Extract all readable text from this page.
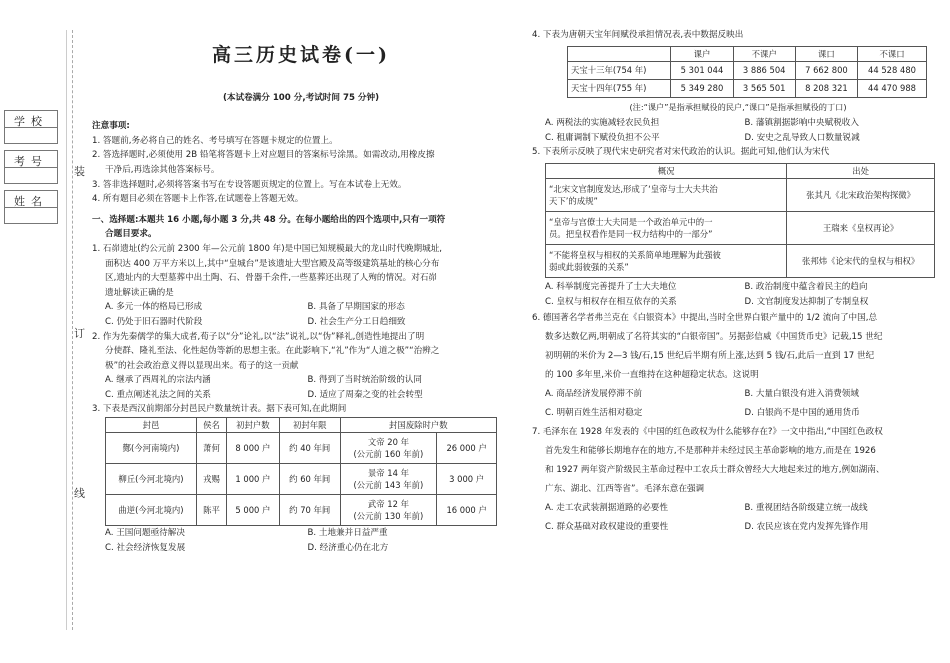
装
订
线
学校
考号
姓名
高三历史试卷(一)
(本试卷满分 100 分,考试时间 75 分钟)
注意事项:
1. 答题前,务必将自己的姓名、考号填写在答题卡规定的位置上。
2. 答选择题时,必须使用 2B 铅笔将答题卡上对应题目的答案标号涂黑。如需改动,用橡皮擦
干净后,再选涂其他答案标号。
3. 答非选择题时,必须将答案书写在专设答题页规定的位置上。写在本试卷上无效。
4. 所有题目必须在答题卡上作答,在试题卷上答题无效。
一、选择题:本题共 16 小题,每小题 3 分,共 48 分。在每小题给出的四个选项中,只有一项符
合题目要求。
1. 石峁遗址(约公元前 2300 年—公元前 1800 年)是中国已知规模最大的龙山时代晚期城址,
面积达 400 万平方米以上,其中“皇城台”是该遗址大型宫殿及高等级建筑基址的核心分布
区,遗址内的大型墓葬中出土陶、石、骨器千余件,一些墓葬还出现了人殉的情况。对石峁
遗址解读正确的是
A. 多元一体的格局已形成	B. 具备了早期国家的形态
C. 仍处于旧石器时代阶段	D. 社会生产分工日趋细致
2. 作为先秦儒学的集大成者,荀子以“分”论礼,以“法”说礼,以“伪”释礼,创造性地提出了明
分使群、隆礼至法、化性起伪等新的思想主张。在此影响下,“礼”作为“人道之极”“治辨之
极”的社会政治意义得以显现出来。荀子的这一贡献
A. 继承了西周礼的宗法内涵	B. 得到了当时统治阶级的认同
C. 重点阐述礼法之间的关系	D. 适应了周秦之变的社会转型
3. 下表是西汉前期部分封邑民户数量统计表。据下表可知,在此期间
封邑	侯名	初封户数	初封年限	封国废除时户数	
酂(今河南境内)	萧何	8 000 户	约 40 年间	文帝 20 年
(公元前 160 年前)	26 000 户
柳丘(今河北境内)	戎赐	1 000 户	约 60 年间	景帝 14 年
(公元前 143 年前)	3 000 户
曲逆(今河北境内)	陈平	5 000 户	约 70 年间	武帝 12 年
(公元前 130 年前)	16 000 户
A. 王国问题亟待解决	B. 土地兼并日益严重
C. 社会经济恢复发展	D. 经济重心仍在北方
4. 下表为唐朝天宝年间赋役承担情况表,表中数据反映出
	课户	不课户	课口	不课口
天宝十三年(754 年)	5 301 044	3 886 504	7 662 800	44 528 480
天宝十四年(755 年)	5 349 280	3 565 501	8 208 321	44 470 988
(注:“课户”是指承担赋役的民户,“课口”是指承担赋役的丁口)
A. 两税法的实施减轻农民负担	B. 藩镇割据影响中央赋税收入
C. 租庸调制下赋役负担不公平	D. 安史之乱导致人口数量锐减
5. 下表所示反映了现代宋史研究者对宋代政治的认识。据此可知,他们认为宋代
概况	出处

“北宋文官制度发达,形成了‘皇帝与士大夫共治
天下’的成规”	张其凡《北宋政治架构探微》

“皇帝与宫僚士大夫同是一个政治单元中的一
员。把皇权看作是同一权力结构中的一部分”	王瑞来《皇权再论》

“不能将皇权与相权的关系简单地理解为此强彼
弱或此弱彼强的关系”	张邦炜《论宋代的皇权与相权》
A. 科举制度完善提升了士大夫地位	B. 政治制度中蕴含着民主的趋向
C. 皇权与相权存在相互依存的关系	D. 文官制度发达抑制了专制皇权
6. 德国著名学者弗兰克在《白银资本》中提出,当时全世界白银产量中的 1/2 流向了中国,总
数多达数亿两,明朝成了名符其实的“白银帝国”。另据彭信威《中国货币史》记载,15 世纪
初明朝的米价为 2—3 钱/石,15 世纪后半期有所上涨,达到 5 钱/石,此后一直到 17 世纪
的 100 多年里,米价一直维持在这种超稳定状态。这说明
A. 商品经济发展停滞不前	B. 大量白银没有进入消费领域
C. 明朝百姓生活相对稳定	D. 白银尚不是中国的通用货币
7. 毛泽东在 1928 年发表的《中国的红色政权为什么能够存在?》一文中指出,“中国红色政权
首先发生和能够长期地存在的地方,不是那种并未经过民主革命影响的地方,而是在 1926
和 1927 两年资产阶级民主革命过程中工农兵士群众曾经大大地起来过的地方,例如湖南、
广东、湖北、江西等省”。毛泽东意在强调
A. 走工农武装割据道路的必要性	B. 重视团结各阶级建立统一战线
C. 群众基础对政权建设的重要性	D. 农民应该在党内发挥先锋作用
